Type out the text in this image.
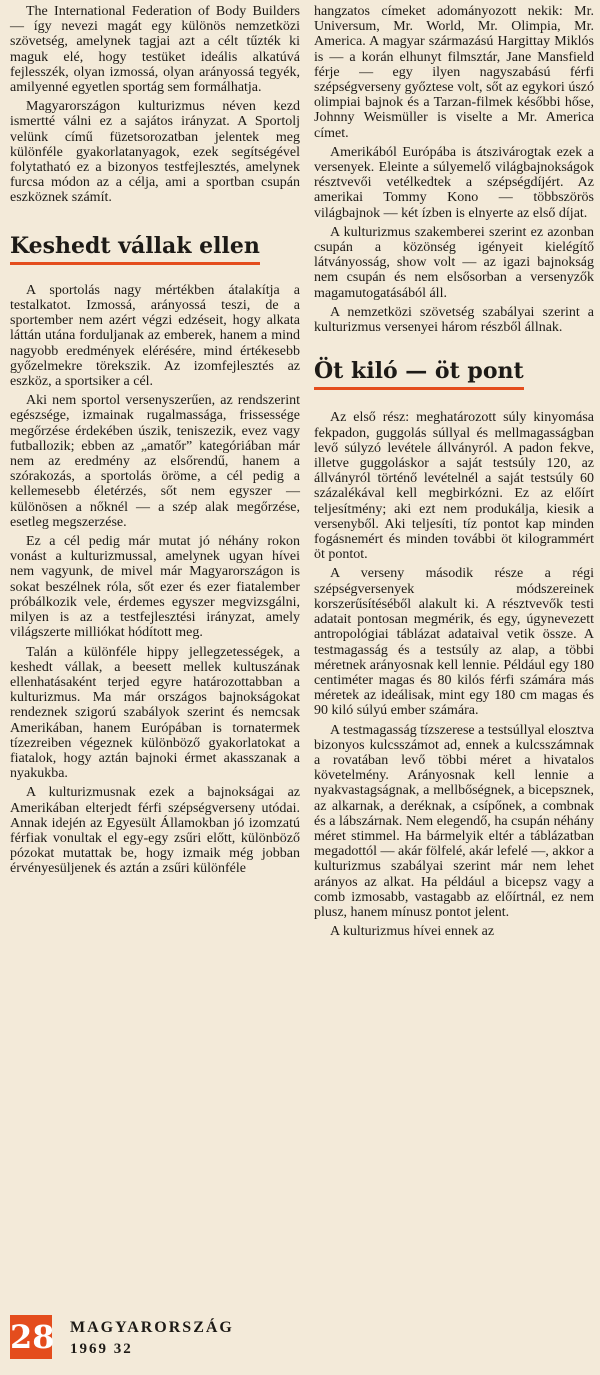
The International Federation of Body Builders — így nevezi magát egy különös nemzetközi szövetség, amelynek tagjai azt a célt tűzték ki maguk elé, hogy testüket ideális alkatúvá fejlesszék, olyan izmossá, olyan arányossá tegyék, amilyenné egyetlen sportág sem formálhatja.

Magyarországon kulturizmus néven kezd ismertté válni ez a sajátos irányzat. A Sportolj velünk című füzetsorozatban jelentek meg különféle gyakorlatanyagok, ezek segítségével folytatható ez a bizonyos testfejlesztés, amelynek furcsa módon az a célja, ami a sportban csupán eszköznek számít.

Keshedt vállak ellen

A sportolás nagy mértékben átalakítja a testalkatot. Izmossá, arányossá teszi, de a sportember nem azért végzi edzéseit, hogy alkata láttán utána forduljanak az emberek, hanem a mind nagyobb eredmények elérésére, mind értékesebb győzelmekre törekszik. Az izomfejlesztés az eszköz, a sportsiker a cél.

Aki nem sportol versenyszerűen, az rendszerint egészsége, izmainak rugalmassága, frissessége megőrzése érdekében úszik, teniszezik, evez vagy futballozik; ebben az „amatőr” kategóriában már nem az eredmény az elsőrendű, hanem a szórakozás, a sportolás öröme, a cél pedig a kellemesebb életérzés, sőt nem egyszer — különösen a nőknél — a szép alak megőrzése, esetleg megszerzése.

Ez a cél pedig már mutat jó néhány rokon vonást a kulturizmussal, amelynek ugyan hívei nem vagyunk, de mivel már Magyarországon is sokat beszélnek róla, sőt ezer és ezer fiatalember próbálkozik vele, érdemes egyszer megvizsgálni, milyen is az a testfejlesztési irányzat, amely világszerte milliókat hódított meg.

Talán a különféle hippy jellegzetességek, a keshedt vállak, a beesett mellek kultuszának ellenhatásaként terjed egyre határozottabban a kulturizmus. Ma már országos bajnokságokat rendeznek szigorú szabályok szerint és nemcsak Amerikában, hanem Európában is tornatermek tízezreiben végeznek különböző gyakorlatokat a fiatalok, hogy aztán bajnoki érmet akasszanak a nyakukba.

A kulturizmusnak ezek a bajnokságai az Amerikában elterjedt férfi szépségverseny utódai. Annak idején az Egyesült Államokban jó izomzatú férfiak vonultak el egy-egy zsűri előtt, különböző pózokat mutattak be, hogy izmaik még jobban érvényesüljenek és aztán a zsűri különféle

hangzatos címeket adományozott nekik: Mr. Universum, Mr. World, Mr. Olimpia, Mr. America. A magyar származású Hargittay Miklós is — a korán elhunyt filmsztár, Jane Mansfield férje — egy ilyen nagyszabású férfi szépségverseny győztese volt, sőt az egykori úszó olimpiai bajnok és a Tarzan-filmek későbbi hőse, Johnny Weismüller is viselte a Mr. America címet.

Amerikából Európába is átszivárogtak ezek a versenyek. Eleinte a súlyemelő világbajnokságok résztvevői vetélkedtek a szépségdíjért. Az amerikai Tommy Kono — többszörös világbajnok — két ízben is elnyerte az első díjat.

A kulturizmus szakemberei szerint ez azonban csupán a közönség igényeit kielégítő látványosság, show volt — az igazi bajnokság nem csupán és nem elsősorban a versenyzők magamutogatásából áll.

A nemzetközi szövetség szabályai szerint a kulturizmus versenyei három részből állnak.

Öt kiló — öt pont

Az első rész: meghatározott súly kinyomása fekpadon, guggolás súllyal és mellmagasságban levő súlyzó levétele állványról. A padon fekve, illetve guggoláskor a saját testsúly 120, az állványról történő levételnél a saját testsúly 60 százalékával kell megbirkózni. Ez az előírt teljesítmény; aki ezt nem produkálja, kiesik a versenyből. Aki teljesíti, tíz pontot kap minden fogásnemért és minden további öt kilogrammért öt pontot.

A verseny második része a régi szépségversenyek módszereinek korszerűsítéséből alakult ki. A résztvevők testi adatait pontosan megmérik, és egy, úgynevezett antropológiai táblázat adataival vetik össze. A testmagasság és a testsúly az alap, a többi méretnek arányosnak kell lennie. Például egy 180 centiméter magas és 80 kilós férfi számára más méretek az ideálisak, mint egy 180 cm magas és 90 kiló súlyú ember számára.

A testmagasság tízszerese a testsúllyal elosztva bizonyos kulcsszámot ad, ennek a kulcsszámnak a rovatában levő többi méret a hivatalos követelmény. Arányosnak kell lennie a nyakvastagságnak, a mellbőségnek, a bicepsznek, az alkarnak, a deréknak, a csípőnek, a combnak és a lábszárnak. Nem elegendő, ha csupán néhány méret stimmel. Ha bármelyik eltér a táblázatban megadottól — akár fölfelé, akár lefelé —, akkor a kulturizmus szabályai szerint már nem lehet arányos az alkat. Ha például a bicepsz vagy a comb izmosabb, vastagabb az előírtnál, ez nem plusz, hanem mínusz pontot jelent.

A kulturizmus hívei ennek az

28 MAGYARORSZÁG
1969 32
